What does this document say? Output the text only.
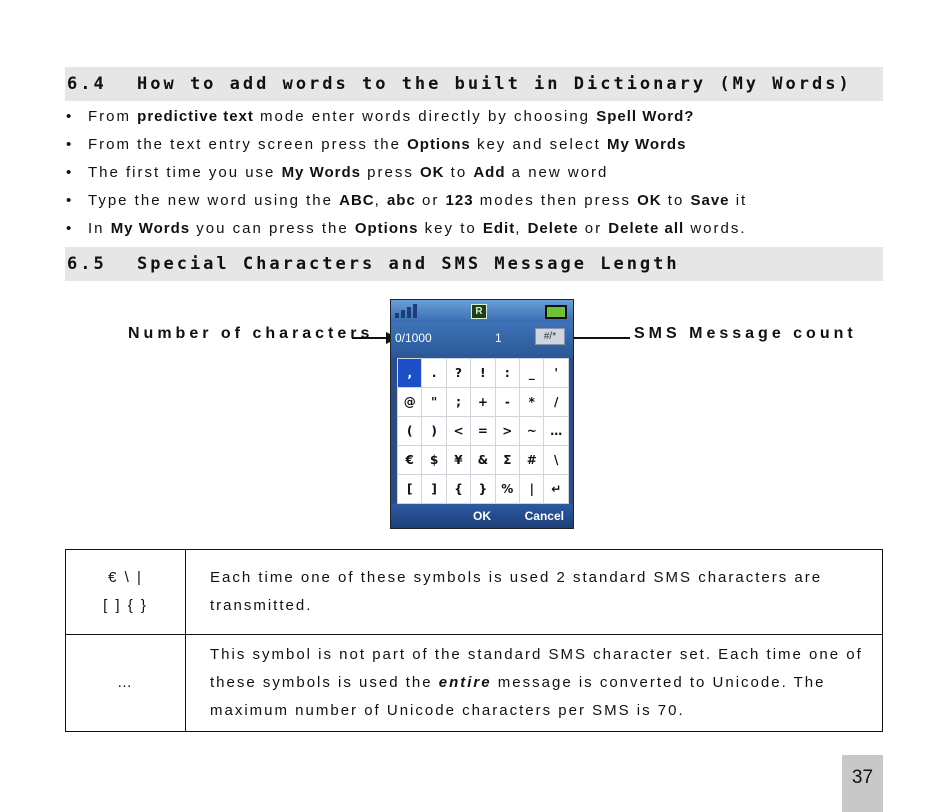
6.4	How to add words to the built in Dictionary (My Words)
• From predictive text mode enter words directly by choosing Spell Word?
• From the text entry screen press the Options key and select My Words
• The first time you use My Words press OK to Add a new word
• Type the new word using the ABC, abc or 123 modes then press OK to Save it
• In My Words you can press the Options key to Edit, Delete or Delete all words.
6.5	Special Characters and SMS Message Length
Number of characters	SMS Message count
R
0/1000	1	#/*
,	.	?	!	:	_	'
@	"	;	+	-	*	/
(	)	<	=	>	~	…
€	$	¥	&	Σ	#	\
[	]	{	}	%	|	↵
OK	Cancel
€ \ |
[ ] { }	Each time one of these symbols is used 2 standard SMS characters are transmitted.
…	This symbol is not part of the standard SMS character set. Each time one of these symbols is used the entire message is converted to Unicode. The maximum number of Unicode characters per SMS is 70.
37
